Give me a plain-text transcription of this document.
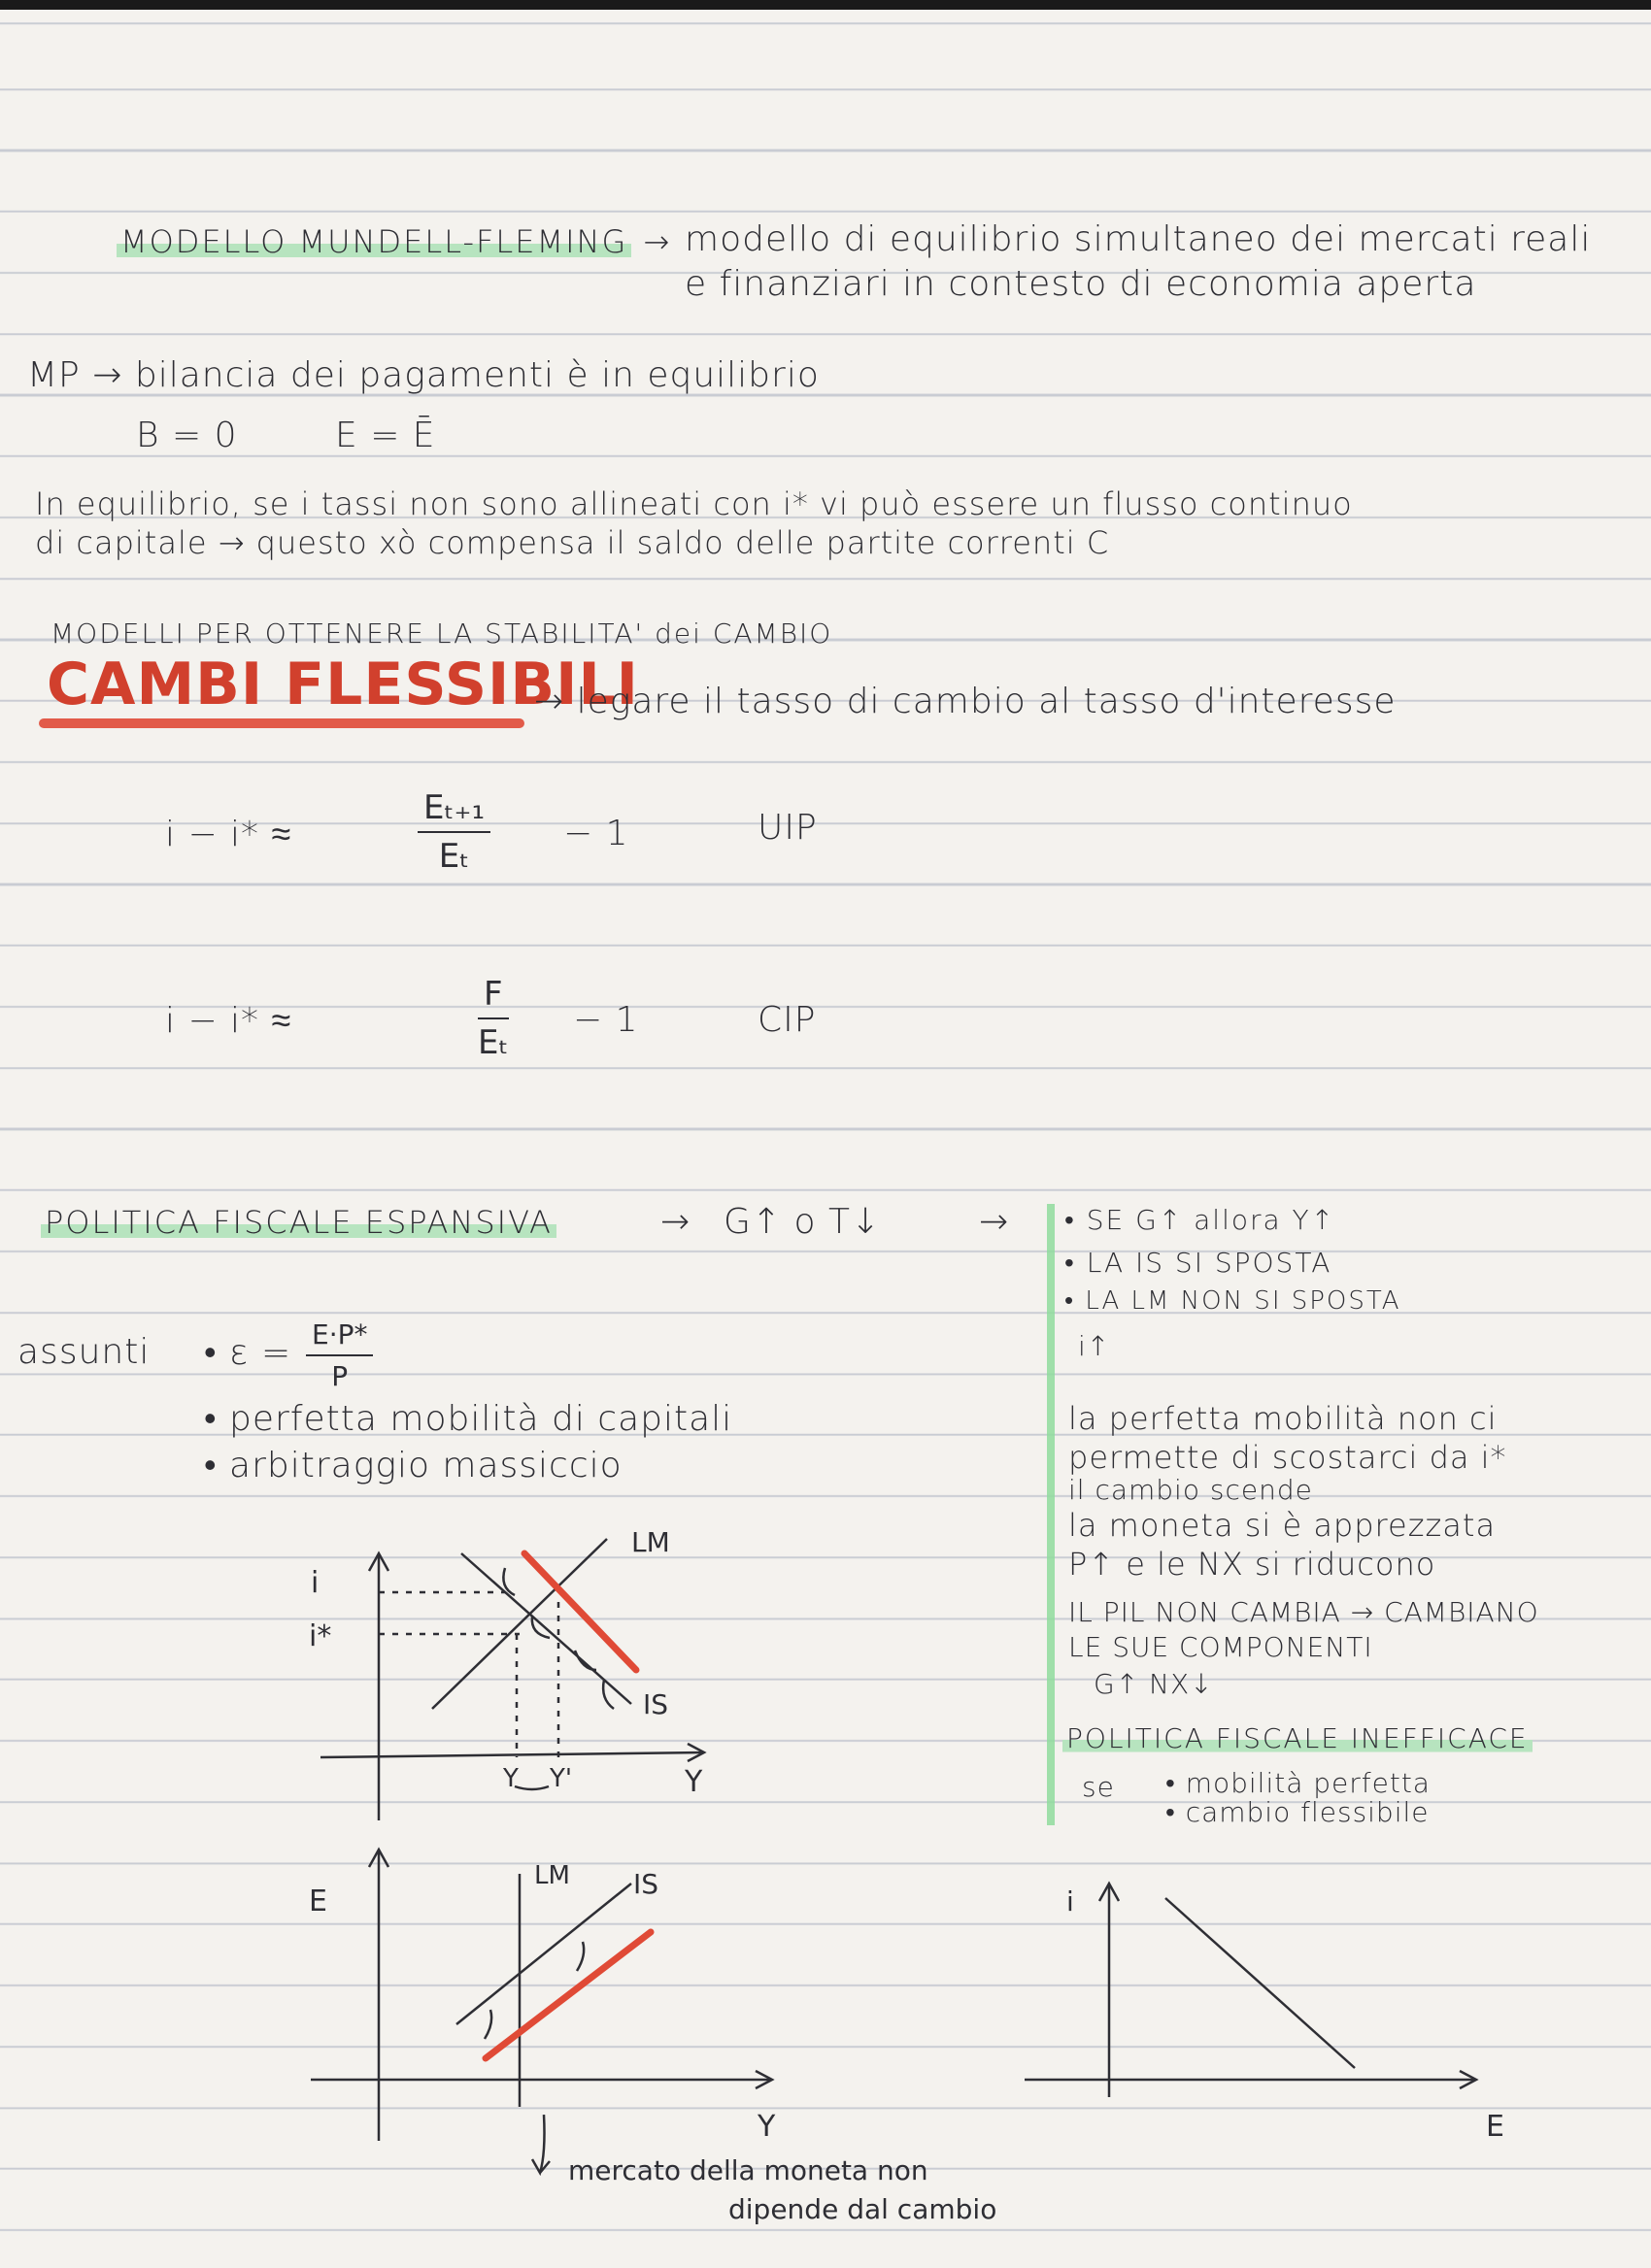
MODELLO MUNDELL-FLEMING → modello di equilibrio simultaneo dei mercati reali
e finanziari in contesto di economia aperta
MP → bilancia dei pagamenti è in equilibrio
B = 0	E = Ē
In equilibrio, se i tassi non sono allineati con i* vi può essere un flusso continuo
di capitale → questo xò compensa il saldo delle partite correnti C
MODELLI PER OTTENERE LA STABILITA' dei CAMBIO
CAMBI FLESSIBILI
→ legare il tasso di cambio al tasso d'interesse
i − i* ≈
Eₜ₊₁
Eₜ
− 1	UIP
i − i* ≈
F
Eₜ
− 1	CIP
POLITICA FISCALE ESPANSIVA	→ G↑ o T↓	→
assunti • ε = E·P*
P
• perfetta mobilità di capitali
• arbitraggio massiccio
• SE G↑ allora Y↑
• LA IS SI SPOSTA
• LA LM NON SI SPOSTA
i↑
la perfetta mobilità non ci
permette di scostarci da i*
il cambio scende
la moneta si è apprezzata
P↑ e le NX si riducono
IL PIL NON CAMBIA → CAMBIANO
LE SUE COMPONENTI
G↑ NX↓
POLITICA FISCALE INEFFICACE
se • mobilità perfetta
• cambio flessibile
i
i*
Y
Y Y'
LM
IS
E
Y
LM IS
mercato della moneta non
dipende dal cambio
i
E
